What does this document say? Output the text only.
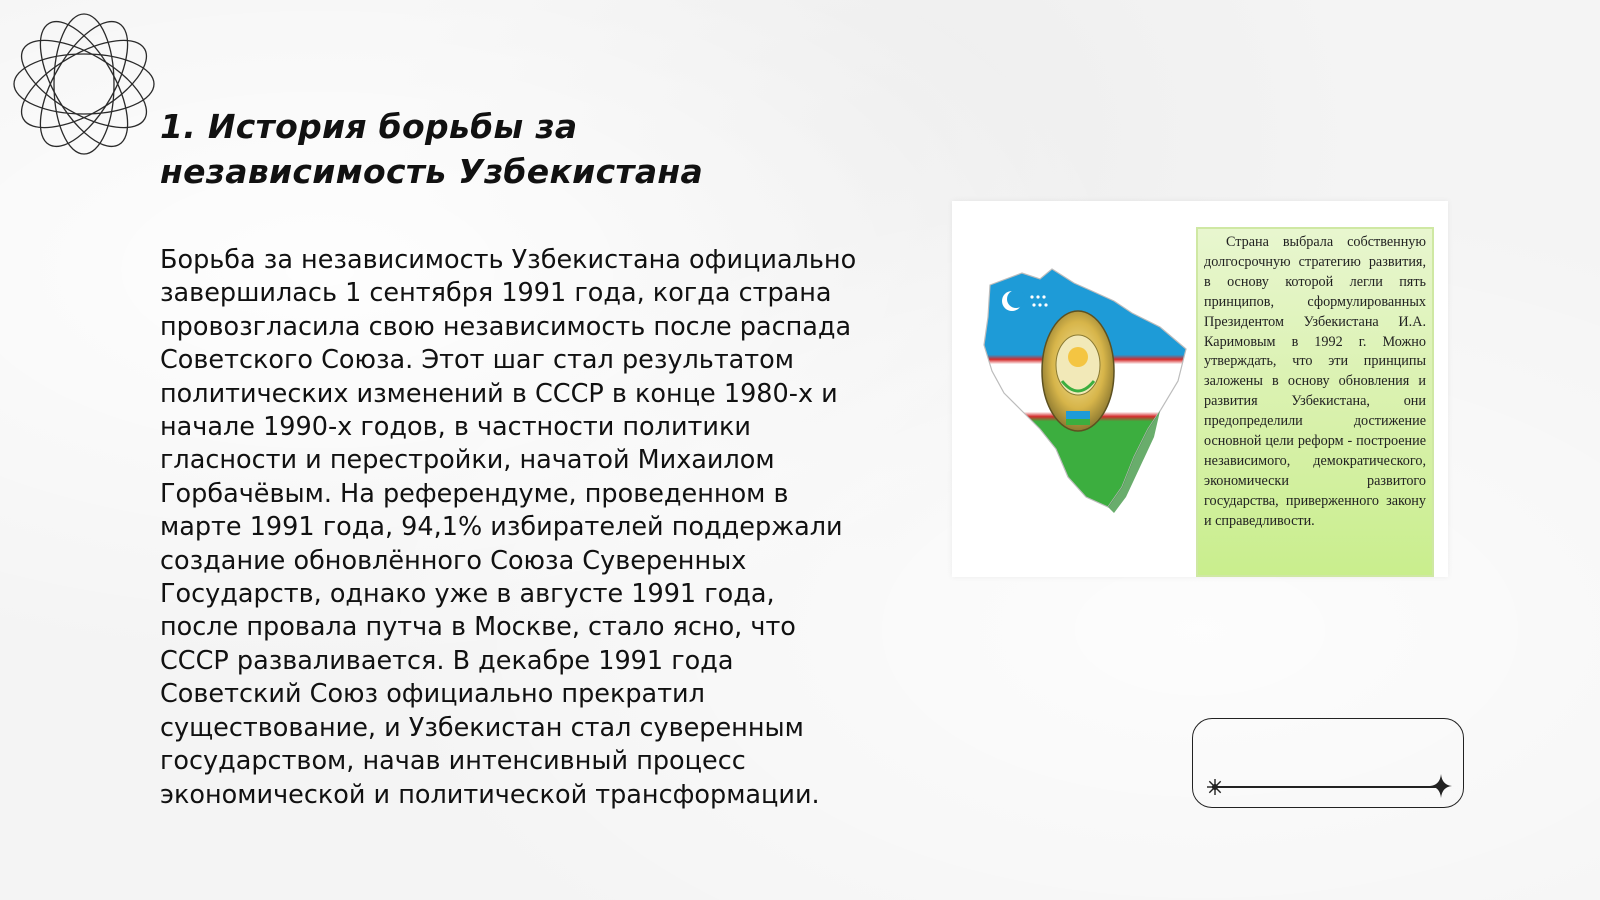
1. История борьбы за
независимость Узбекистана

Борьба за независимость Узбекистана официально завершилась 1 сентября 1991 года, когда страна провозгласила свою независимость после распада Советского Союза. Этот шаг стал результатом политических изменений в СССР в конце 1980-х и начале 1990-х годов, в частности политики гласности и перестройки, начатой Михаилом Горбачёвым. На референдуме, проведенном в марте 1991 года, 94,1% избирателей поддержали создание обновлённого Союза Суверенных Государств, однако уже в августе 1991 года, после провала путча в Москве, стало ясно, что СССР разваливается. В декабре 1991 года Советский Союз официально прекратил существование, и Узбекистан стал суверенным государством, начав интенсивный процесс экономической и политической трансформации.

Страна выбрала собственную долгосрочную стратегию развития, в основу которой легли пять принципов, сформулированных Президентом Узбекистана И.А. Каримовым в 1992 г. Можно утверждать, что эти принципы заложены в основу обновления и развития Узбекистана, они предопределили достижение основной цели реформ - построение независимого, демократического, экономически развитого государства, приверженного закону и справедливости.
